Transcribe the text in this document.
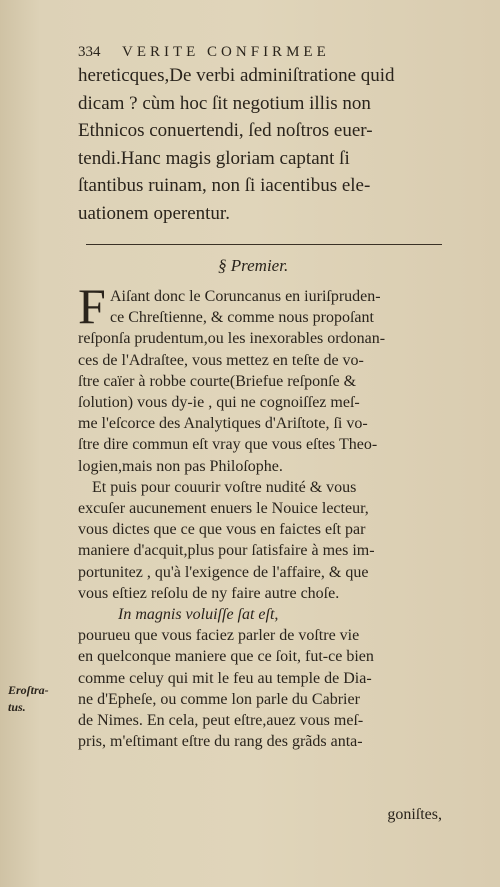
334 VERITE CONFIRMEE
hereticques,De verbi adminiſtratione quid
dicam ? cùm hoc ſit negotium illis non
Ethnicos conuertendi, ſed noſtros euer-
tendi.Hanc magis gloriam captant ſi
ſtantibus ruinam, non ſi iacentibus ele-
uationem operentur.
§ Premier.
F Aiſant donc le Coruncanus en iuriſpruden-
ce Chreſtienne, & comme nous propoſant
reſponſa prudentum,ou les inexorables ordonan-
ces de l'Adraſtee, vous mettez en teſte de vo-
ſtre caïer à robbe courte(Briefue reſponſe &
ſolution) vous dy-ie , qui ne cognoiſſez meſ-
me l'eſcorce des Analytiques d'Ariſtote, ſi vo-
ſtre dire commun eſt vray que vous eſtes Theo-
logien,mais non pas Philoſophe.
Et puis pour couurir voſtre nudité & vous
excuſer aucunement enuers le Nouice lecteur,
vous dictes que ce que vous en faictes eſt par
maniere d'acquit,plus pour ſatisfaire à mes im-
portunitez , qu'à l'exigence de l'affaire, & que
vous eſtiez reſolu de ny faire autre choſe.
In magnis voluiſſe ſat eſt,
pourueu que vous faciez parler de voſtre vie
en quelconque maniere que ce ſoit, fut-ce bien
comme celuy qui mit le feu au temple de Dia-
ne d'Epheſe, ou comme lon parle du Cabrier
de Nimes. En cela, peut eſtre,auez vous meſ-
pris, m'eſtimant eſtre du rang des grãds anta-
Eroſtra-
tus.
goniſtes,
